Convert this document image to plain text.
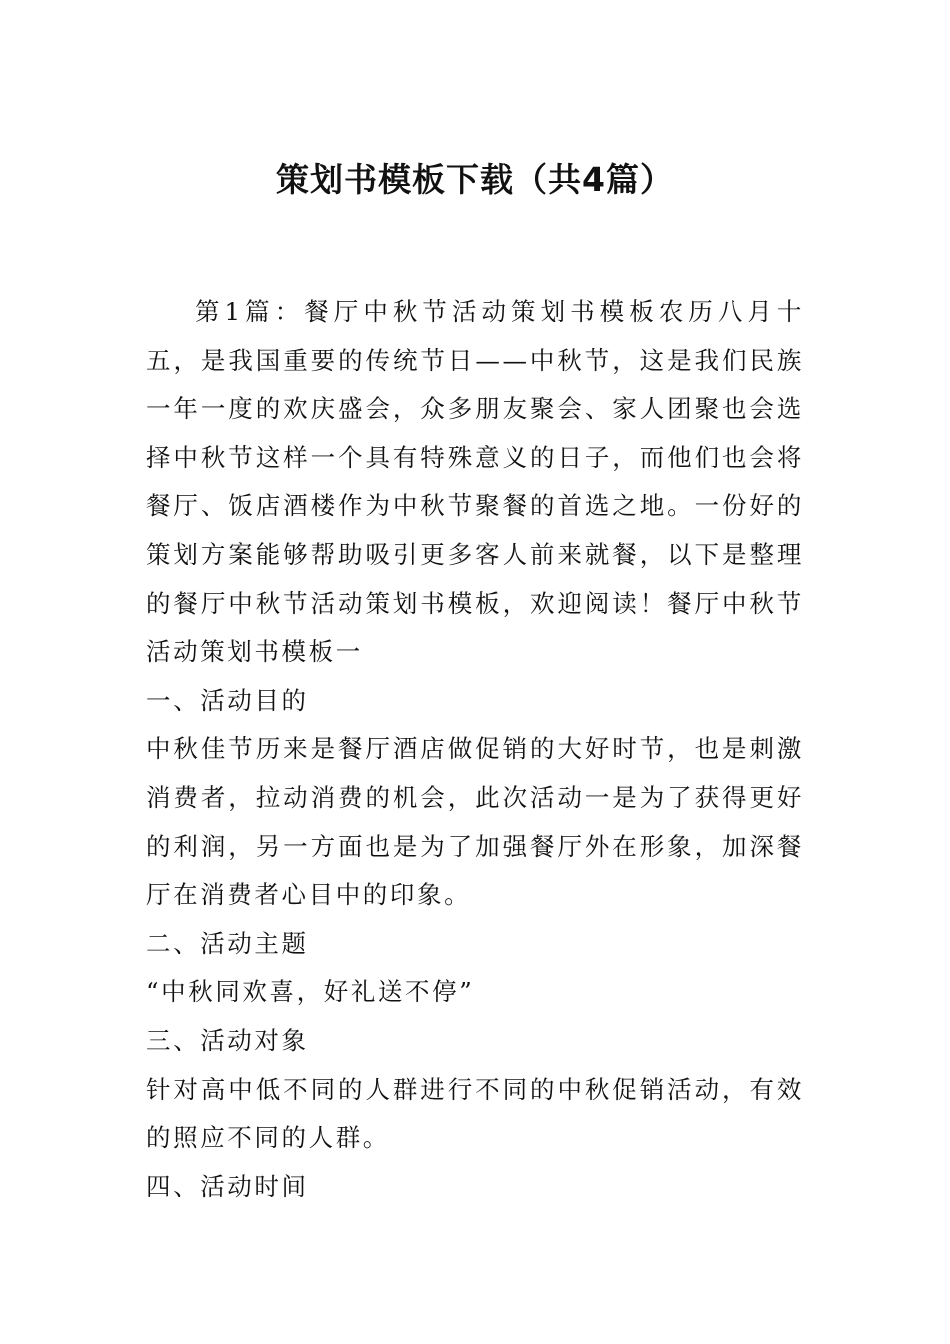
策划书模板下载（共4篇）

第1篇：餐厅中秋节活动策划书模板农历八月十五，是我国重要的传统节日——中秋节，这是我们民族一年一度的欢庆盛会，众多朋友聚会、家人团聚也会选择中秋节这样一个具有特殊意义的日子，而他们也会将餐厅、饭店酒楼作为中秋节聚餐的首选之地。一份好的策划方案能够帮助吸引更多客人前来就餐，以下是整理的餐厅中秋节活动策划书模板，欢迎阅读！餐厅中秋节活动策划书模板一

一、活动目的

中秋佳节历来是餐厅酒店做促销的大好时节，也是刺激消费者，拉动消费的机会，此次活动一是为了获得更好的利润，另一方面也是为了加强餐厅外在形象，加深餐厅在消费者心目中的印象。

二、活动主题

“中秋同欢喜，好礼送不停”

三、活动对象

针对高中低不同的人群进行不同的中秋促销活动，有效的照应不同的人群。

四、活动时间
